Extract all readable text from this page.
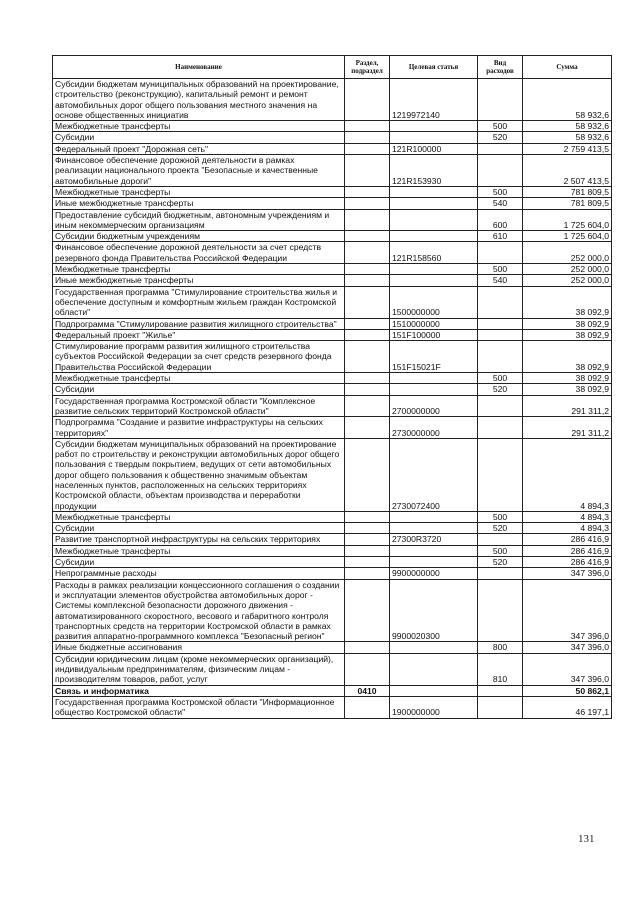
Наименование	Раздел, подраздел	Целевая статья	Вид расходов	Сумма
Субсидии бюджетам муниципальных образований на проектирование, строительство (реконструкцию), капитальный ремонт и ремонт автомобильных дорог общего пользования местного значения на основе общественных инициатив		1219972140		58 932,6
Межбюджетные трансферты			500	58 932,6
Субсидии			520	58 932,6
Федеральный проект "Дорожная сеть"		121R100000		2 759 413,5
Финансовое обеспечение дорожной деятельности в рамках реализации национального проекта "Безопасные и качественные автомобильные дороги"		121R153930		2 507 413,5
Межбюджетные трансферты			500	781 809,5
Иные межбюджетные трансферты			540	781 809,5
Предоставление субсидий бюджетным, автономным учреждениям и иным некоммерческим организациям			600	1 725 604,0
Субсидии бюджетным учреждениям			610	1 725 604,0
Финансовое обеспечение дорожной деятельности за счет средств резервного фонда Правительства Российской Федерации		121R158560		252 000,0
Межбюджетные трансферты			500	252 000,0
Иные межбюджетные трансферты			540	252 000,0
Государственная программа "Стимулирование строительства жилья и обеспечение доступным и комфортным жильем граждан Костромской области"		1500000000		38 092,9
Подпрограмма "Стимулирование развития жилищного строительства"		1510000000		38 092,9
Федеральный проект "Жилье"		151F100000		38 092,9
Стимулирование программ развития жилищного строительства субъектов Российской Федерации за счет средств резервного фонда Правительства Российской Федерации		151F15021F		38 092,9
Межбюджетные трансферты			500	38 092,9
Субсидии			520	38 092,9
Государственная программа Костромской области "Комплексное развитие сельских территорий Костромской области"		2700000000		291 311,2
Подпрограмма "Создание и развитие инфраструктуры на сельских территориях"		2730000000		291 311,2
Субсидии бюджетам муниципальных образований на проектирование работ по строительству и реконструкции автомобильных дорог общего пользования с твердым покрытием, ведущих от сети автомобильных дорог общего пользования к общественно значимым объектам населенных пунктов, расположенных на сельских территориях Костромской области, объектам производства и переработки продукции		2730072400		4 894,3
Межбюджетные трансферты			500	4 894,3
Субсидии			520	4 894,3
Развитие транспортной инфраструктуры на сельских территориях		27300R3720		286 416,9
Межбюджетные трансферты			500	286 416,9
Субсидии			520	286 416,9
Непрограммные расходы		9900000000		347 396,0
Расходы в рамках реализации концессионного соглашения о создании и эксплуатации элементов обустройства автомобильных дорог - Системы комплексной безопасности дорожного движения - автоматизированного скоростного, весового и габаритного контроля транспортных средств на территории Костромской области в рамках развития аппаратно-программного комплекса "Безопасный регион"		9900020300		347 396,0
Иные бюджетные ассигнования			800	347 396,0
Субсидии юридическим лицам (кроме некоммерческих организаций), индивидуальным предпринимателям, физическим лицам - производителям товаров, работ, услуг			810	347 396,0
Связь и информатика	0410			50 862,1
Государственная программа Костромской области "Информационное общество Костромской области"		1900000000		46 197,1
131
